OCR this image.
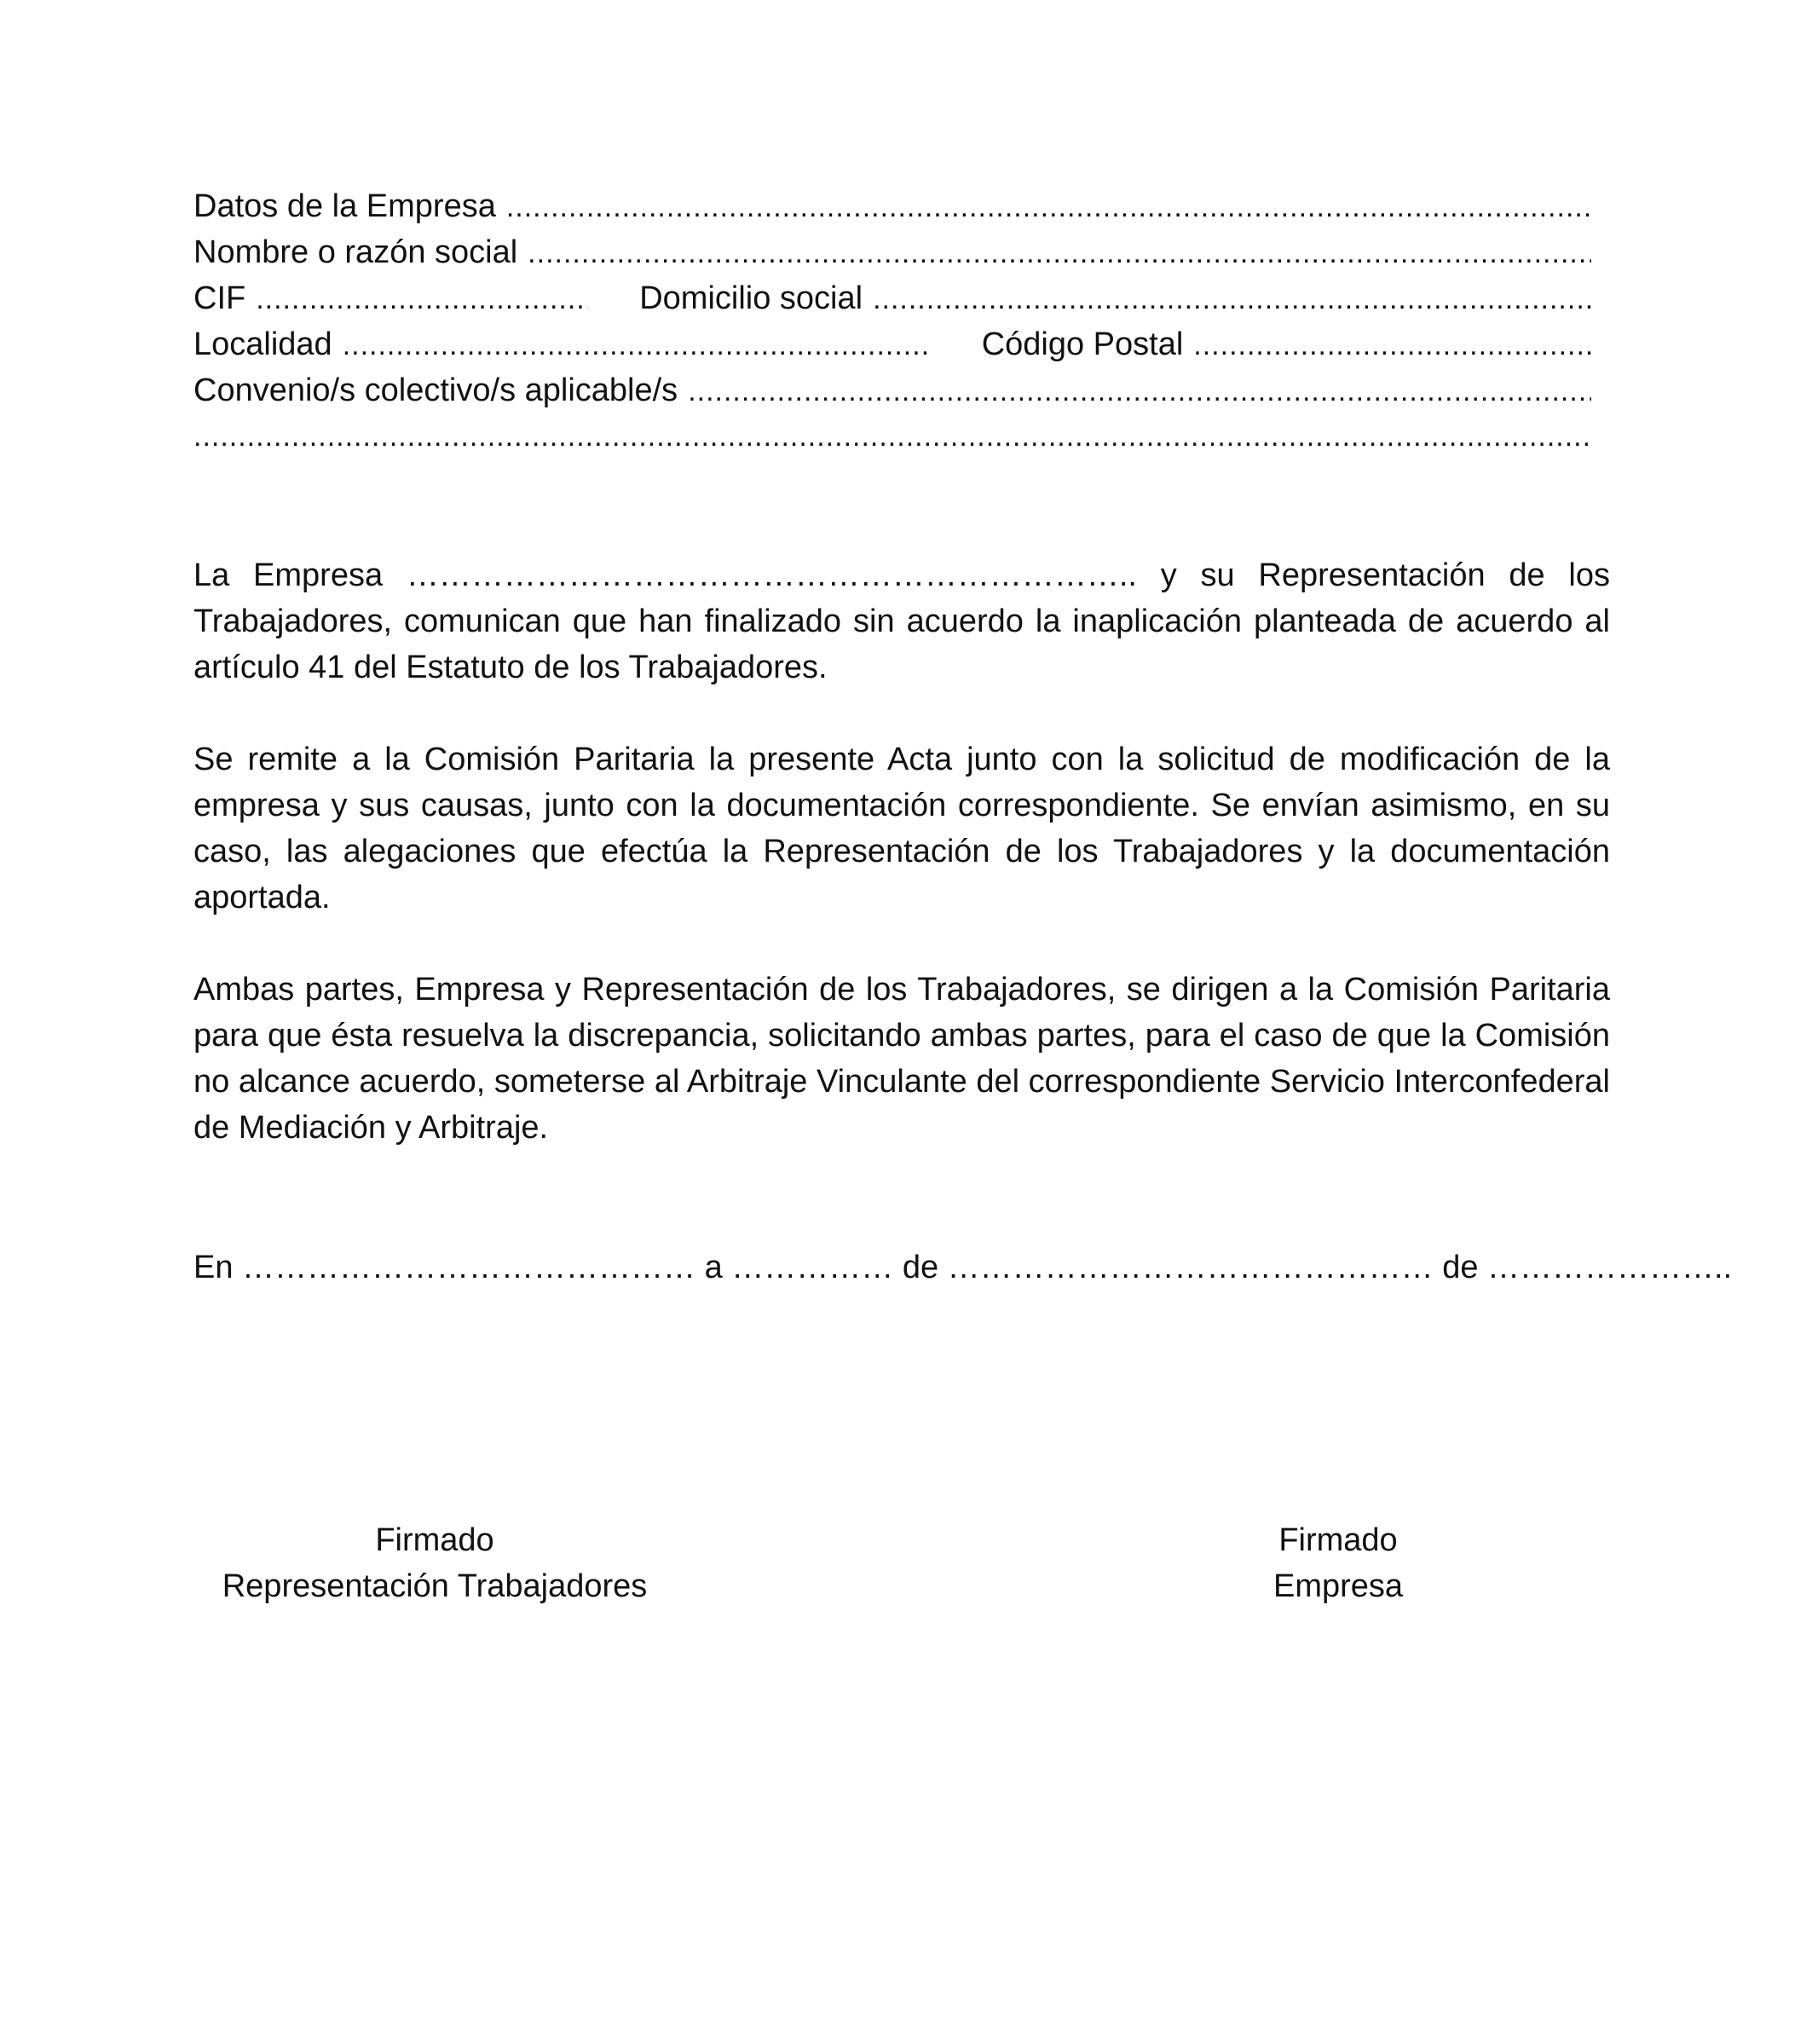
Datos de la Empresa
.....
Nombre o razón social
.....
CIF .....	Domicilio social
.....
Localidad .....	Código Postal
.....
Convenio/s colectivo/s aplicable/s
.....
.....

La Empresa ………………………………………………………….. y su Representación de los Trabajadores, comunican que han finalizado sin acuerdo la inaplicación planteada de acuerdo al artículo 41 del Estatuto de los Trabajadores.

Se remite a la Comisión Paritaria la presente Acta junto con la solicitud de modificación de la empresa y sus causas, junto con la documentación correspondiente. Se envían asimismo, en su caso, las alegaciones que efectúa la Representación de los Trabajadores y la documentación aportada.

Ambas partes, Empresa y Representación de los Trabajadores, se dirigen a la Comisión Paritaria para que ésta resuelva la discrepancia, solicitando ambas partes, para el caso de que la Comisión no alcance acuerdo, someterse al Arbitraje Vinculante del correspondiente Servicio Interconfederal de Mediación y Arbitraje.

En …………………………………… a …………… de ……………………………………… de …………………..
Firmado
Representación Trabajadores
Firmado
Empresa
